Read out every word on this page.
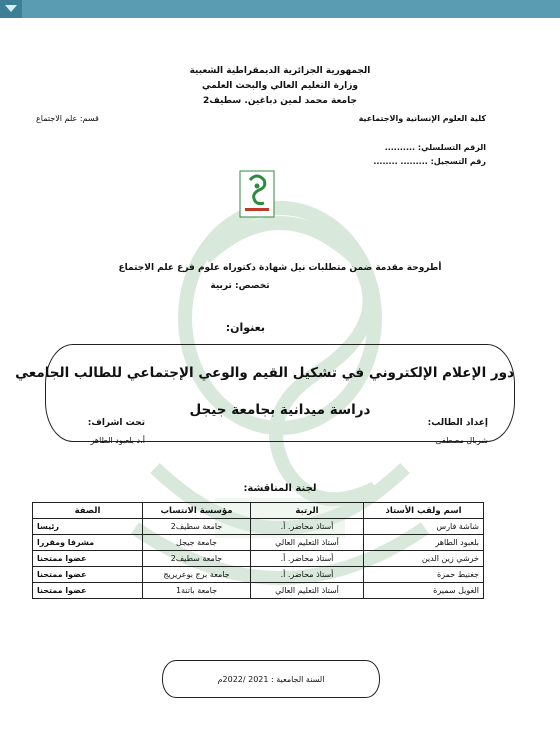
الجمهورية الجزائرية الديمقراطية الشعبية
وزارة التعليم العالي والبحث العلمي
جامعة محمد لمين دباغين. سطيف2
كلية العلوم الإنسانية والاجتماعية
قسم: علم الاجتماع
الرقم التسلسلي: ..........
رقم التسجيل: ......... ........
أطروحة مقدمة ضمن متطلبات نيل شهادة دكتوراه علوم فرع علم الاجتماع
تخصص: تربية
بعنوان:
دور الإعلام الإلكتروني في تشكيل القيم والوعي الإجتماعي للطالب الجامعي
دراسة ميدانية بجامعة جيجل
إعداد الطالب:
شربال مصطفى
تحت اشراف:
أ.د بلعبود الطاهر
لجنة المناقشة:
اسم ولقب الأستاذ	الرتبة	مؤسسة الانتساب	الصفة
شاشة فارس	أستاذ محاضر. أ.	جامعة سطيف2	رئيسا
بلعبود الطاهر	أستاذ التعليم العالي	جامعة جيجل	مشرفا ومقررا
خرشي زين الدين	أستاذ محاضر. أ.	جامعة سطيف2	عضوا ممتحنا
جغنيط حمزة	أستاذ محاضر. أ.	جامعة برج بوعريريج	عضوا ممتحنا
الغويل سميرة	أستاذ التعليم العالي	جامعة باتنة1	عضوا ممتحنا
السنة الجامعية : 2021 /2022م
